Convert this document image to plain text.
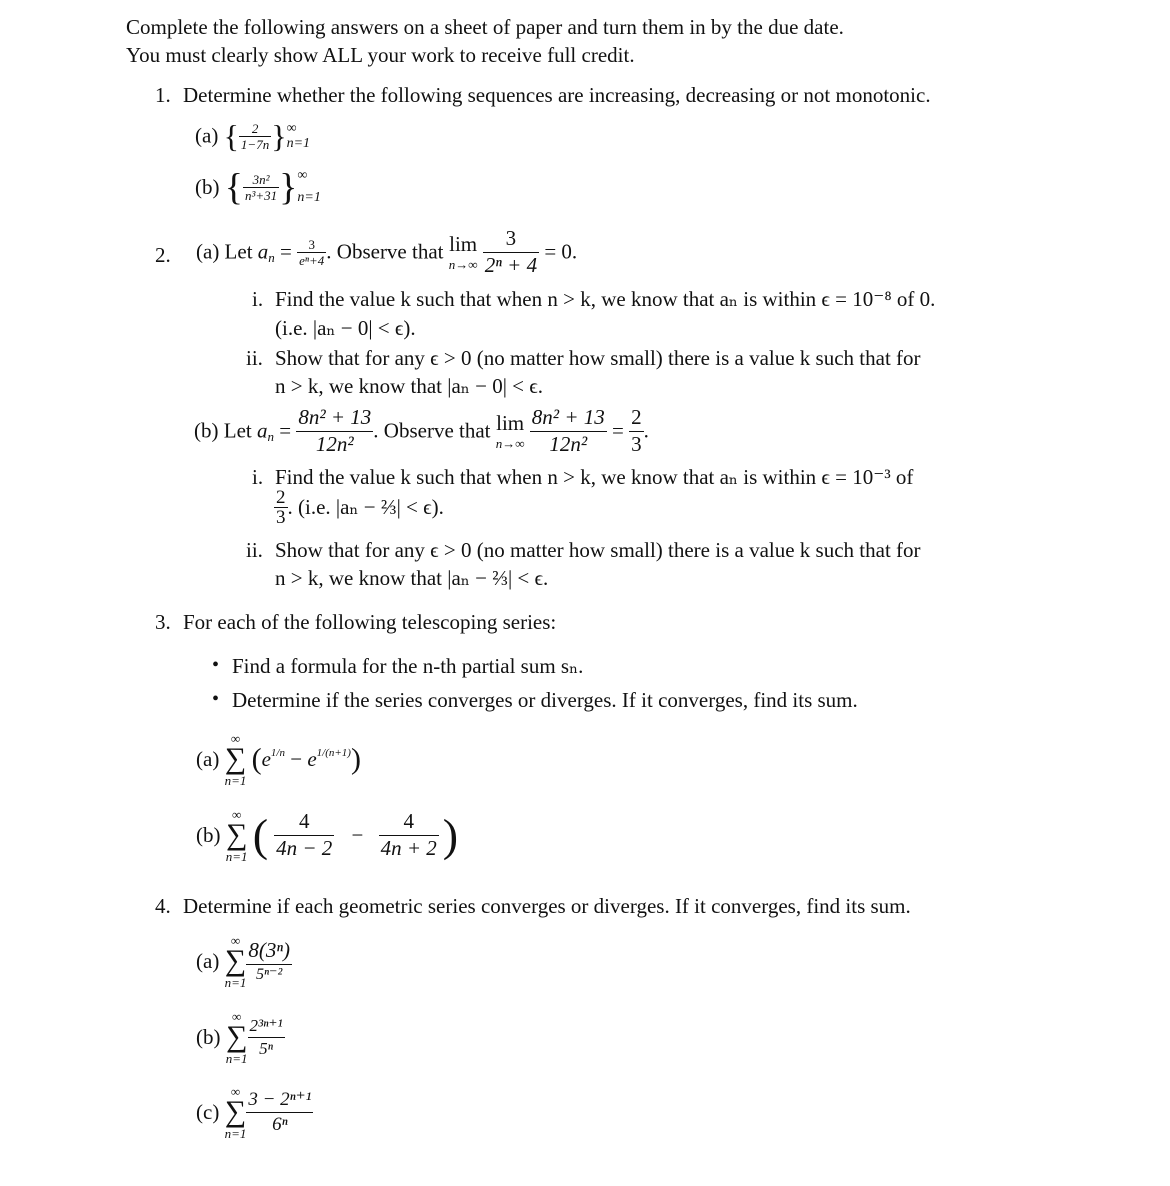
Complete the following answers on a sheet of paper and turn them in by the due date.
You must clearly show ALL your work to receive full credit.
1. Determine whether the following sequences are increasing, decreasing or not monotonic.
(a) { $\frac{2}{1-7n}$ } ∞
n=1
(b) { $\frac{\text{3n²}}{\text{n³+31}}$ } ∞
n=1
2. (a) Let $a_n = \frac{3}{\text{eⁿ+4}}$ . Observe that lim
n→∞
$\frac{3}{\text{2ⁿ + 4}} = 0$.
i. Find the value k such that when n > k, we know that aₙ is within ϵ = 10⁻⁸ of 0.
(i.e. |aₙ − 0| < ϵ).
ii. Show that for any ϵ > 0 (no matter how small) there is a value k such that for
n > k, we know that |aₙ − 0| < ϵ.
(b) Let $a_n = \frac{\text{8n² + 13}}{\text{12n²}}$ . Observe that lim
n→∞
$\frac{\text{8n² + 13}}{\text{12n²}} = \frac{2}{3}$ .
i. Find the value k such that when n > k, we know that aₙ is within ϵ = 10⁻³ of
$\frac{2}{3}$ . (i.e. |aₙ − ⅔| < ϵ).
ii. Show that for any ϵ > 0 (no matter how small) there is a value k such that for
n > k, we know that |aₙ − ⅔| < ϵ.
3. For each of the following telescoping series:
• Find a formula for the n-th partial sum sₙ.
• Determine if the series converges or diverges. If it converges, find its sum.
(a)
∞
∑
n=1
$(e^{1/n} - e^{1/(n+1)})$
(b)
∞
∑
n=1 ( $\frac{4}{4n - 2} - \frac{4}{4n + 2}$ )
4. Determine if each geometric series converges or diverges. If it converges, find its sum.
(a)
∞
∑
$n=1 \frac{\text{8(3ⁿ)}}{\text{5ⁿ⁻²}}$
(b)
∞
∑
n=1
$\frac{\text{2³ⁿ⁺¹}}{\text{5ⁿ}}$
(c)
∞
∑
$n=1 \frac{\text{3 − 2ⁿ⁺¹}}{\text{6ⁿ}}$
